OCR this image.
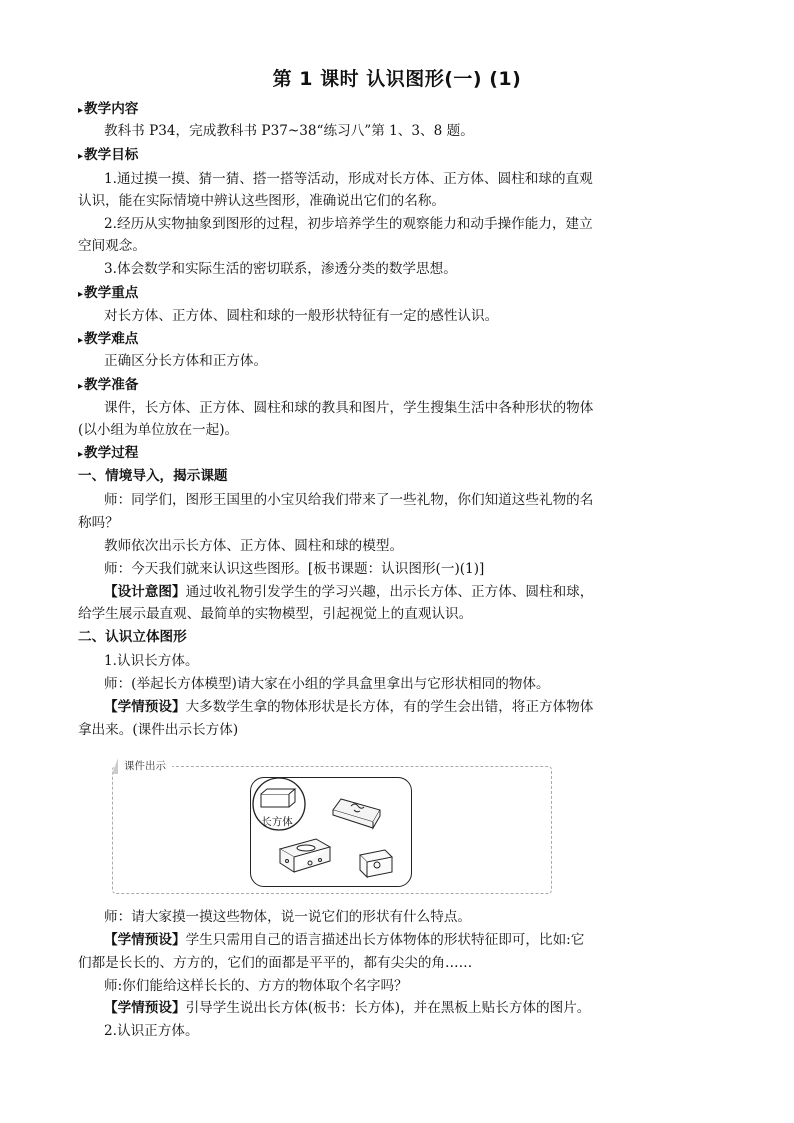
第 1 课时 认识图形(一) (1)
▸教学内容
教科书 P34，完成教科书 P37~38“练习八”第 1、3、8 题。
▸教学目标
1.通过摸一摸、猜一猜、搭一搭等活动，形成对长方体、正方体、圆柱和球的直观
认识，能在实际情境中辨认这些图形，准确说出它们的名称。
2.经历从实物抽象到图形的过程，初步培养学生的观察能力和动手操作能力，建立
空间观念。
3.体会数学和实际生活的密切联系，渗透分类的数学思想。
▸教学重点
对长方体、正方体、圆柱和球的一般形状特征有一定的感性认识。
▸教学难点
正确区分长方体和正方体。
▸教学准备
课件，长方体、正方体、圆柱和球的教具和图片，学生搜集生活中各种形状的物体
(以小组为单位放在一起)。
▸教学过程
一、情境导入，揭示课题
师：同学们，图形王国里的小宝贝给我们带来了一些礼物，你们知道这些礼物的名
称吗？
教师依次出示长方体、正方体、圆柱和球的模型。
师：今天我们就来认识这些图形。[板书课题：认识图形(一)(1)]
【设计意图】通过收礼物引发学生的学习兴趣，出示长方体、正方体、圆柱和球，
给学生展示最直观、最简单的实物模型，引起视觉上的直观认识。
二、认识立体图形
1.认识长方体。
师：(举起长方体模型)请大家在小组的学具盒里拿出与它形状相同的物体。
【学情预设】大多数学生拿的物体形状是长方体，有的学生会出错，将正方体物体
拿出来。(课件出示长方体)
课件出示
长方体
师：请大家摸一摸这些物体，说一说它们的形状有什么特点。
【学情预设】学生只需用自己的语言描述出长方体物体的形状特征即可，比如:它
们都是长长的、方方的，它们的面都是平平的，都有尖尖的角……
师:你们能给这样长长的、方方的物体取个名字吗？
【学情预设】引导学生说出长方体(板书：长方体)，并在黑板上贴长方体的图片。
2.认识正方体。
